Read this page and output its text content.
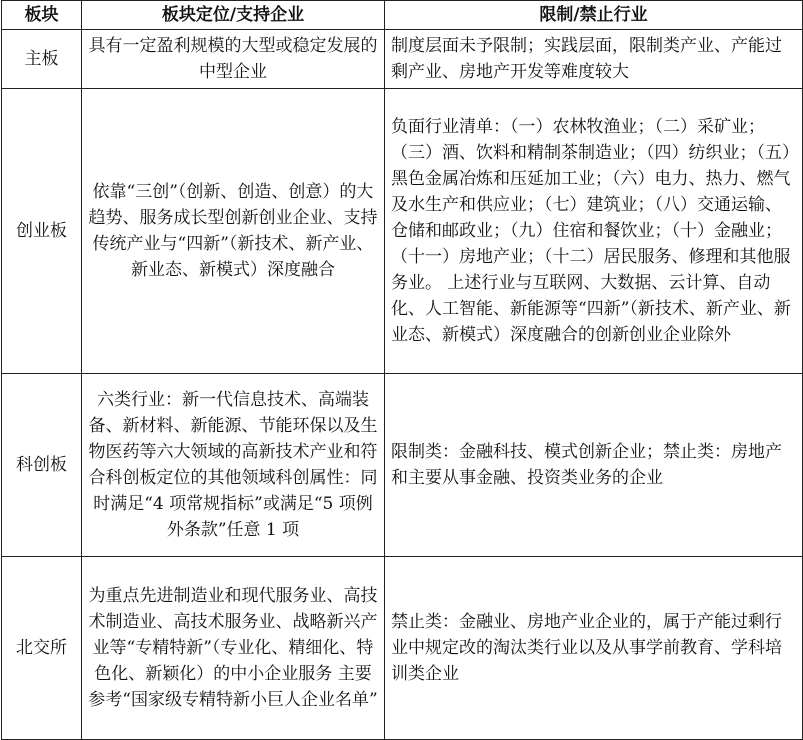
板块	板块定位/支持企业	限制/禁止行业
主板	具有一定盈利规模的大型或稳定发展的中型企业	制度层面未予限制；实践层面，限制类产业、产能过剩产业、房地产开发等难度较大
创业板	依靠“三创”（创新、创造、创意）的大趋势、服务成长型创新创业企业、支持传统产业与“四新”（新技术、新产业、新业态、新模式）深度融合	负面行业清单：（一）农林牧渔业；（二）采矿业；（三）酒、饮料和精制茶制造业；（四）纺织业；（五）黑色金属冶炼和压延加工业；（六）电力、热力、燃气及水生产和供应业；（七）建筑业；（八）交通运输、仓储和邮政业；（九）住宿和餐饮业；（十）金融业；（十一）房地产业；（十二）居民服务、修理和其他服务业。 上述行业与互联网、大数据、云计算、自动化、人工智能、新能源等“四新”（新技术、新产业、新业态、新模式）深度融合的创新创业企业除外
科创板	六类行业：新一代信息技术、高端装备、新材料、新能源、节能环保以及生物医药等六大领域的高新技术产业和符合科创板定位的其他领域科创属性：同时满足“4 项常规指标”或满足“5 项例外条款”任意 1 项	限制类：金融科技、模式创新企业；禁止类：房地产和主要从事金融、投资类业务的企业
北交所	为重点先进制造业和现代服务业、高技术制造业、高技术服务业、战略新兴产业等“专精特新”（专业化、精细化、特色化、新颖化）的中小企业服务 主要参考“国家级专精特新小巨人企业名单”	禁止类：金融业、房地产业企业的，属于产能过剩行业中规定改的淘汰类行业以及从事学前教育、学科培训类企业
